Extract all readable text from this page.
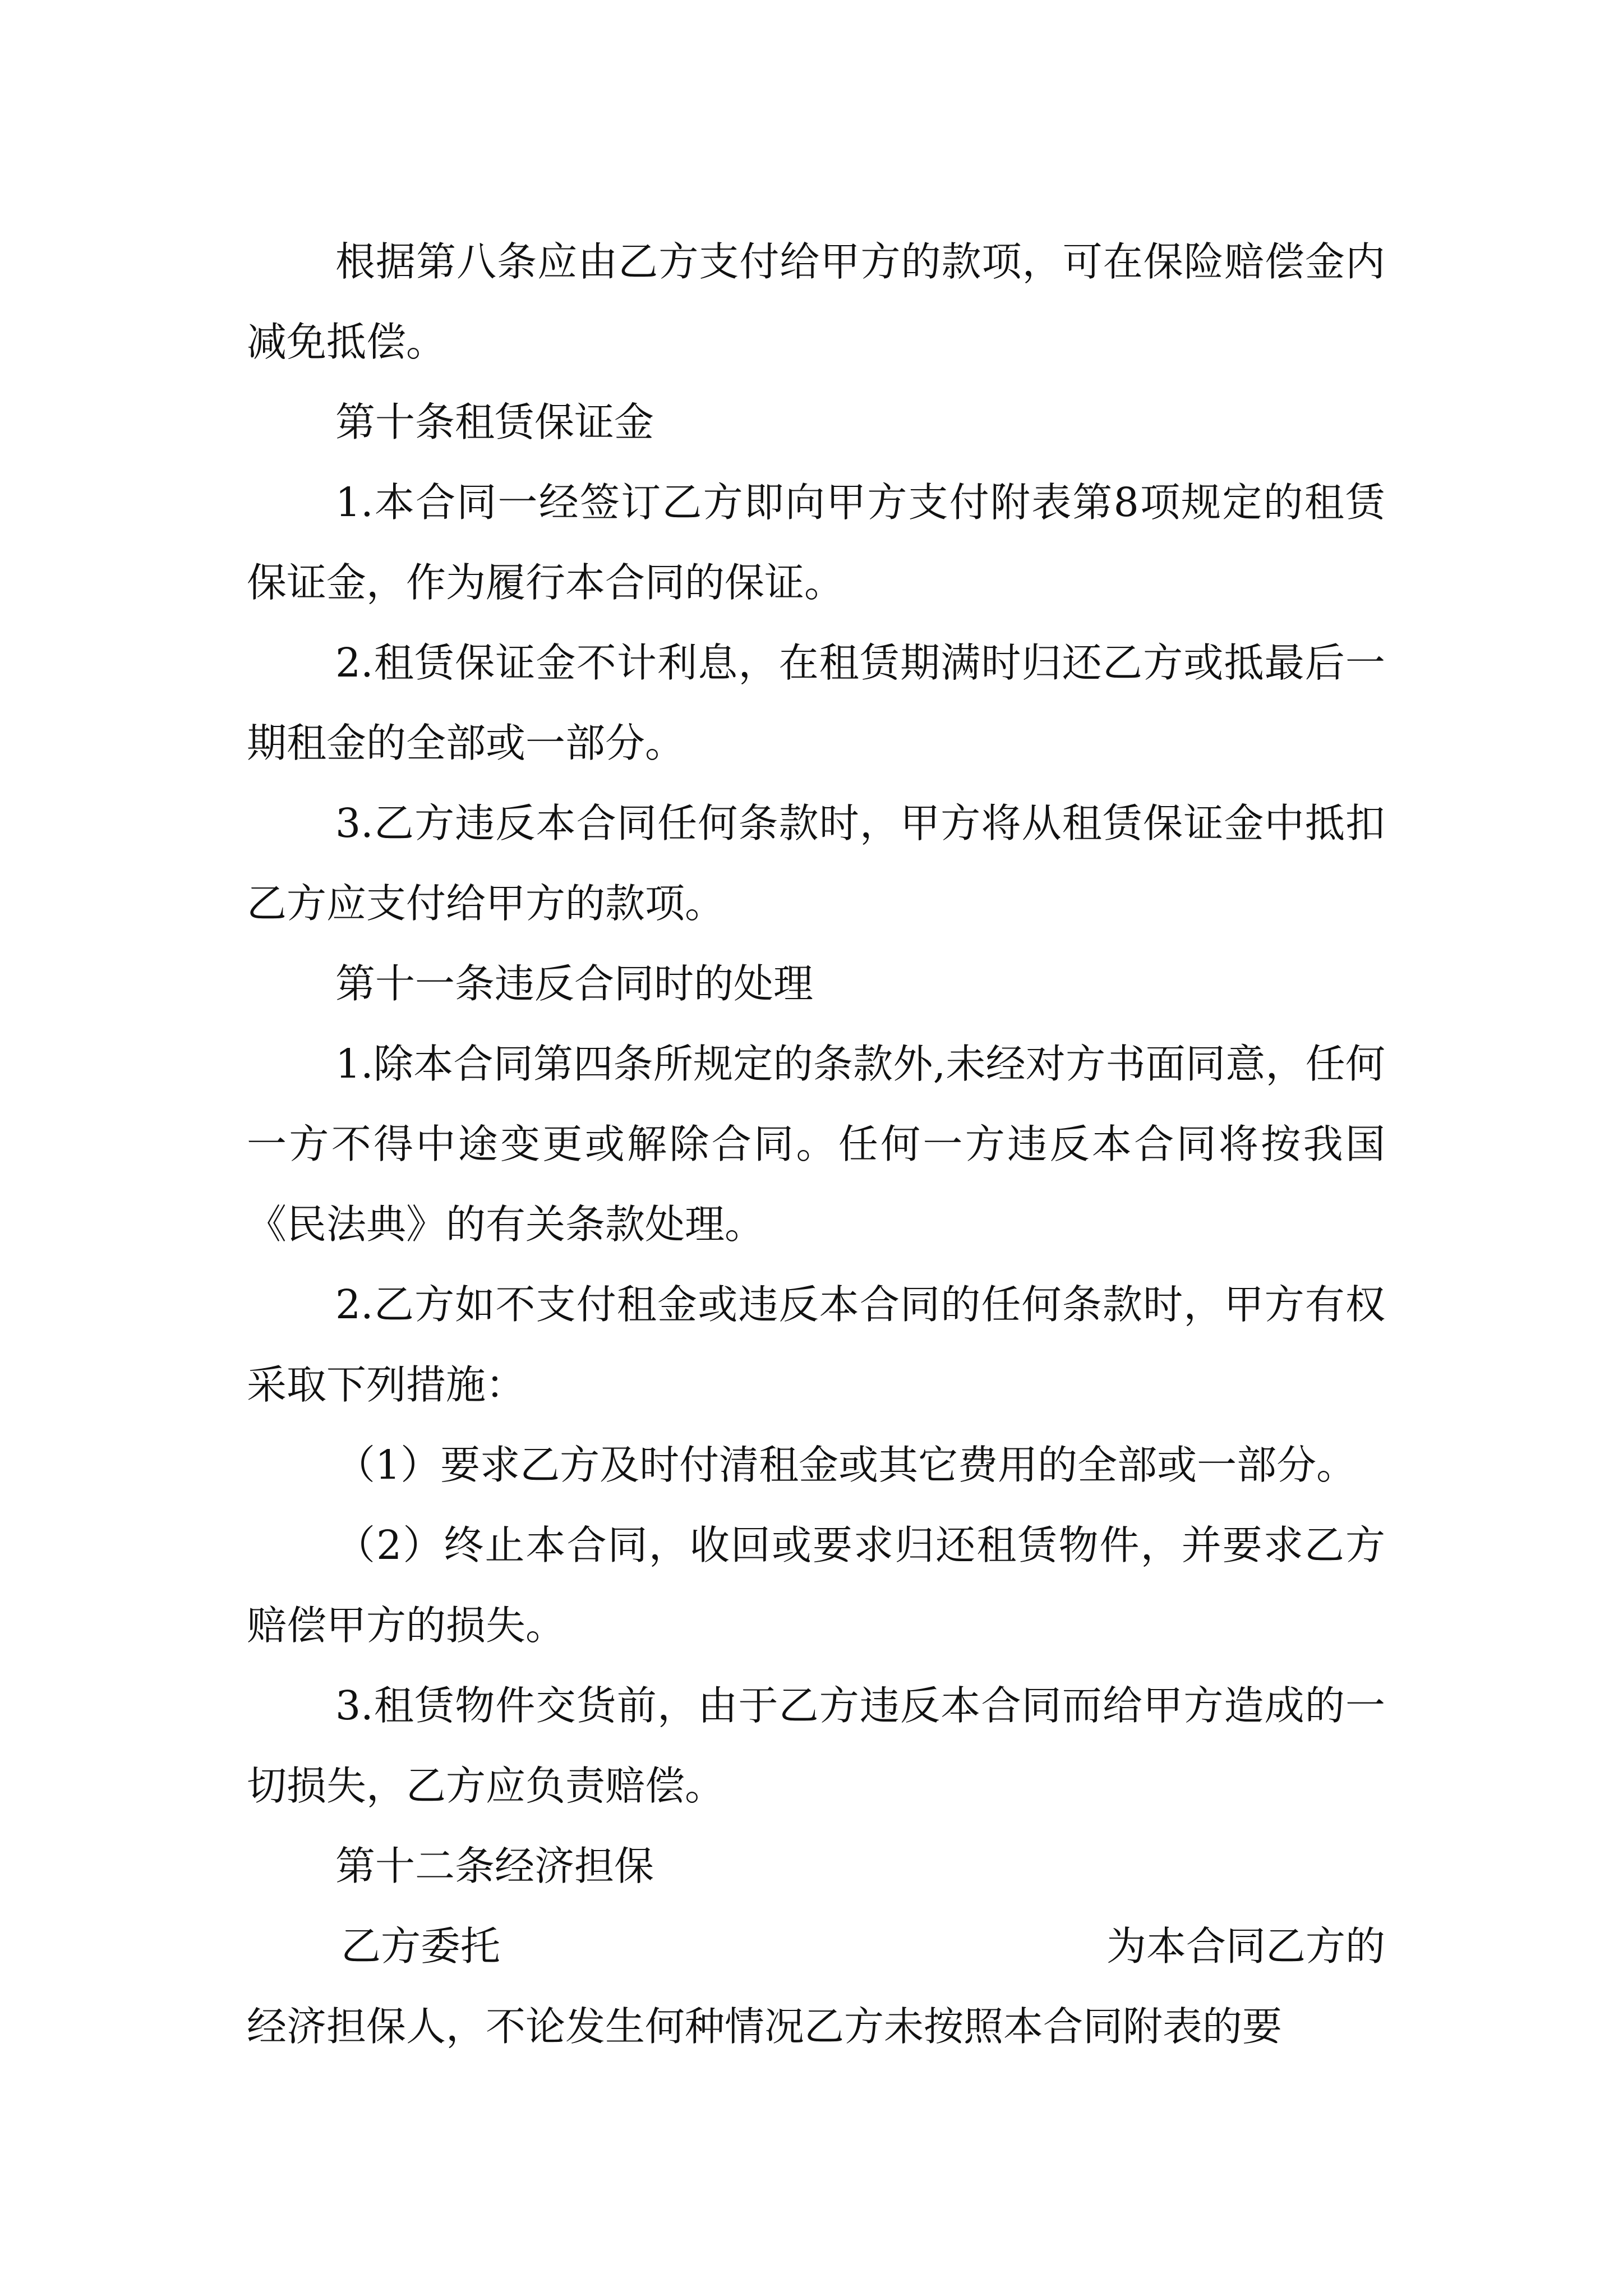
根据第八条应由乙方支付给甲方的款项，可在保险赔偿金内减免抵偿。

第十条租赁保证金

1.本合同一经签订乙方即向甲方支付附表第8项规定的租赁保证金，作为履行本合同的保证。

2.租赁保证金不计利息，在租赁期满时归还乙方或抵最后一期租金的全部或一部分。

3.乙方违反本合同任何条款时，甲方将从租赁保证金中抵扣乙方应支付给甲方的款项。

第十一条违反合同时的处理

1.除本合同第四条所规定的条款外,未经对方书面同意，任何一方不得中途变更或解除合同。任何一方违反本合同将按我国《民法典》的有关条款处理。

2.乙方如不支付租金或违反本合同的任何条款时，甲方有权采取下列措施：

（1）要求乙方及时付清租金或其它费用的全部或一部分。

（2）终止本合同，收回或要求归还租赁物件，并要求乙方赔偿甲方的损失。

3.租赁物件交货前，由于乙方违反本合同而给甲方造成的一切损失，乙方应负责赔偿。

第十二条经济担保

乙方委托	为本合同乙方的

经济担保人，不论发生何种情况乙方未按照本合同附表的要
